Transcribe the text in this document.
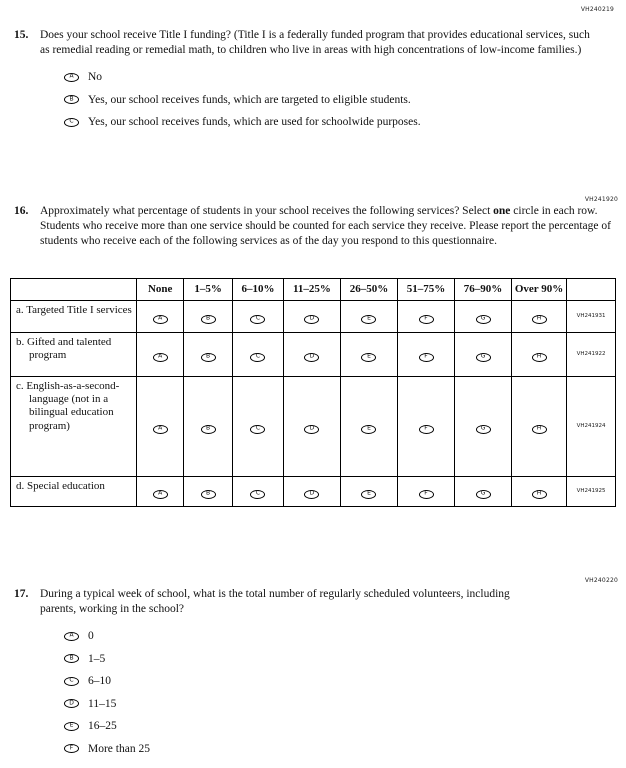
VH240219
15.	Does your school receive Title I funding? (Title I is a federally funded program that provides educational services, such as remedial reading or remedial math, to children who live in areas with high concentrations of low-income families.)
A No
B Yes, our school receives funds, which are targeted to eligible students.
C Yes, our school receives funds, which are used for schoolwide purposes.
VH241920
16.	Approximately what percentage of students in your school receives the following services? Select one circle in each row. Students who receive more than one service should be counted for each service they receive. Please report the percentage of students who receive each of the following services as of the day you respond to this questionnaire.
	None	1–5%	6–10%	11–25%	26–50%	51–75%	76–90%	Over 90%	
a. Targeted Title I services	A	B	C	D	E	F	G	H	VH241931
b. Gifted and talented program	A	B	C	D	E	F	G	H	VH241922
c. English-as-a-second-language (not in a bilingual education program)	A	B	C	D	E	F	G	H	VH241924
d. Special education	A	B	C	D	E	F	G	H	VH241925
VH240220
17.	During a typical week of school, what is the total number of regularly scheduled volunteers, including parents, working in the school?
A 0
B 1–5
C 6–10
D 11–15
E 16–25
F More than 25
